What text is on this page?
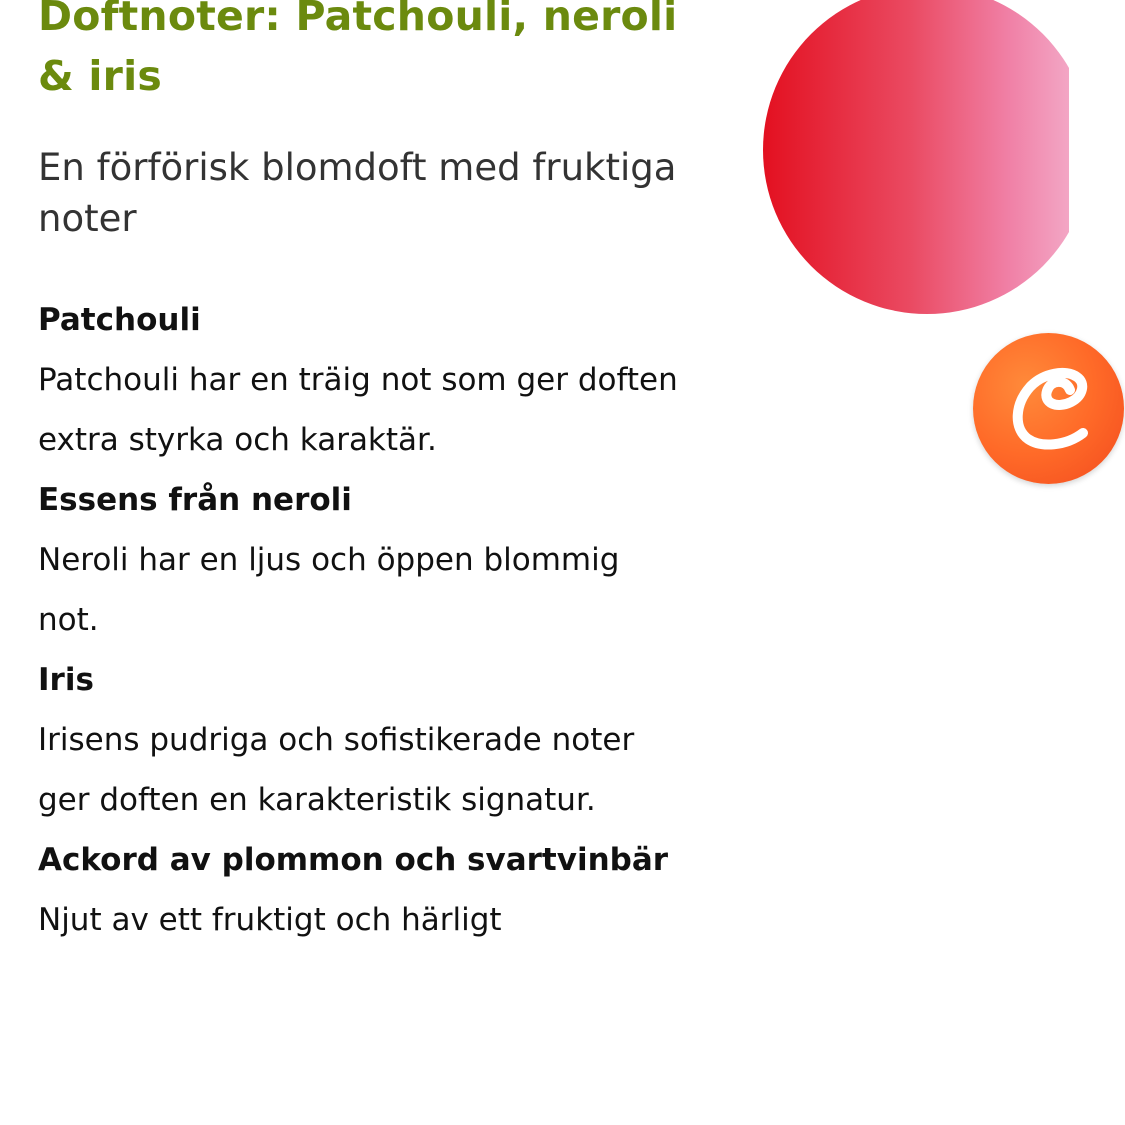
Doftnoter: Patchouli, neroli & iris

En förförisk blomdoft med fruktiga noter

Patchouli

Patchouli har en träig not som ger doften extra styrka och karaktär.

Essens från neroli

Neroli har en ljus och öppen blommig not.

Iris

Irisens pudriga och sofistikerade noter ger doften en karakteristik signatur.

Ackord av plommon och svartvinbär

Njut av ett fruktigt och härligt
